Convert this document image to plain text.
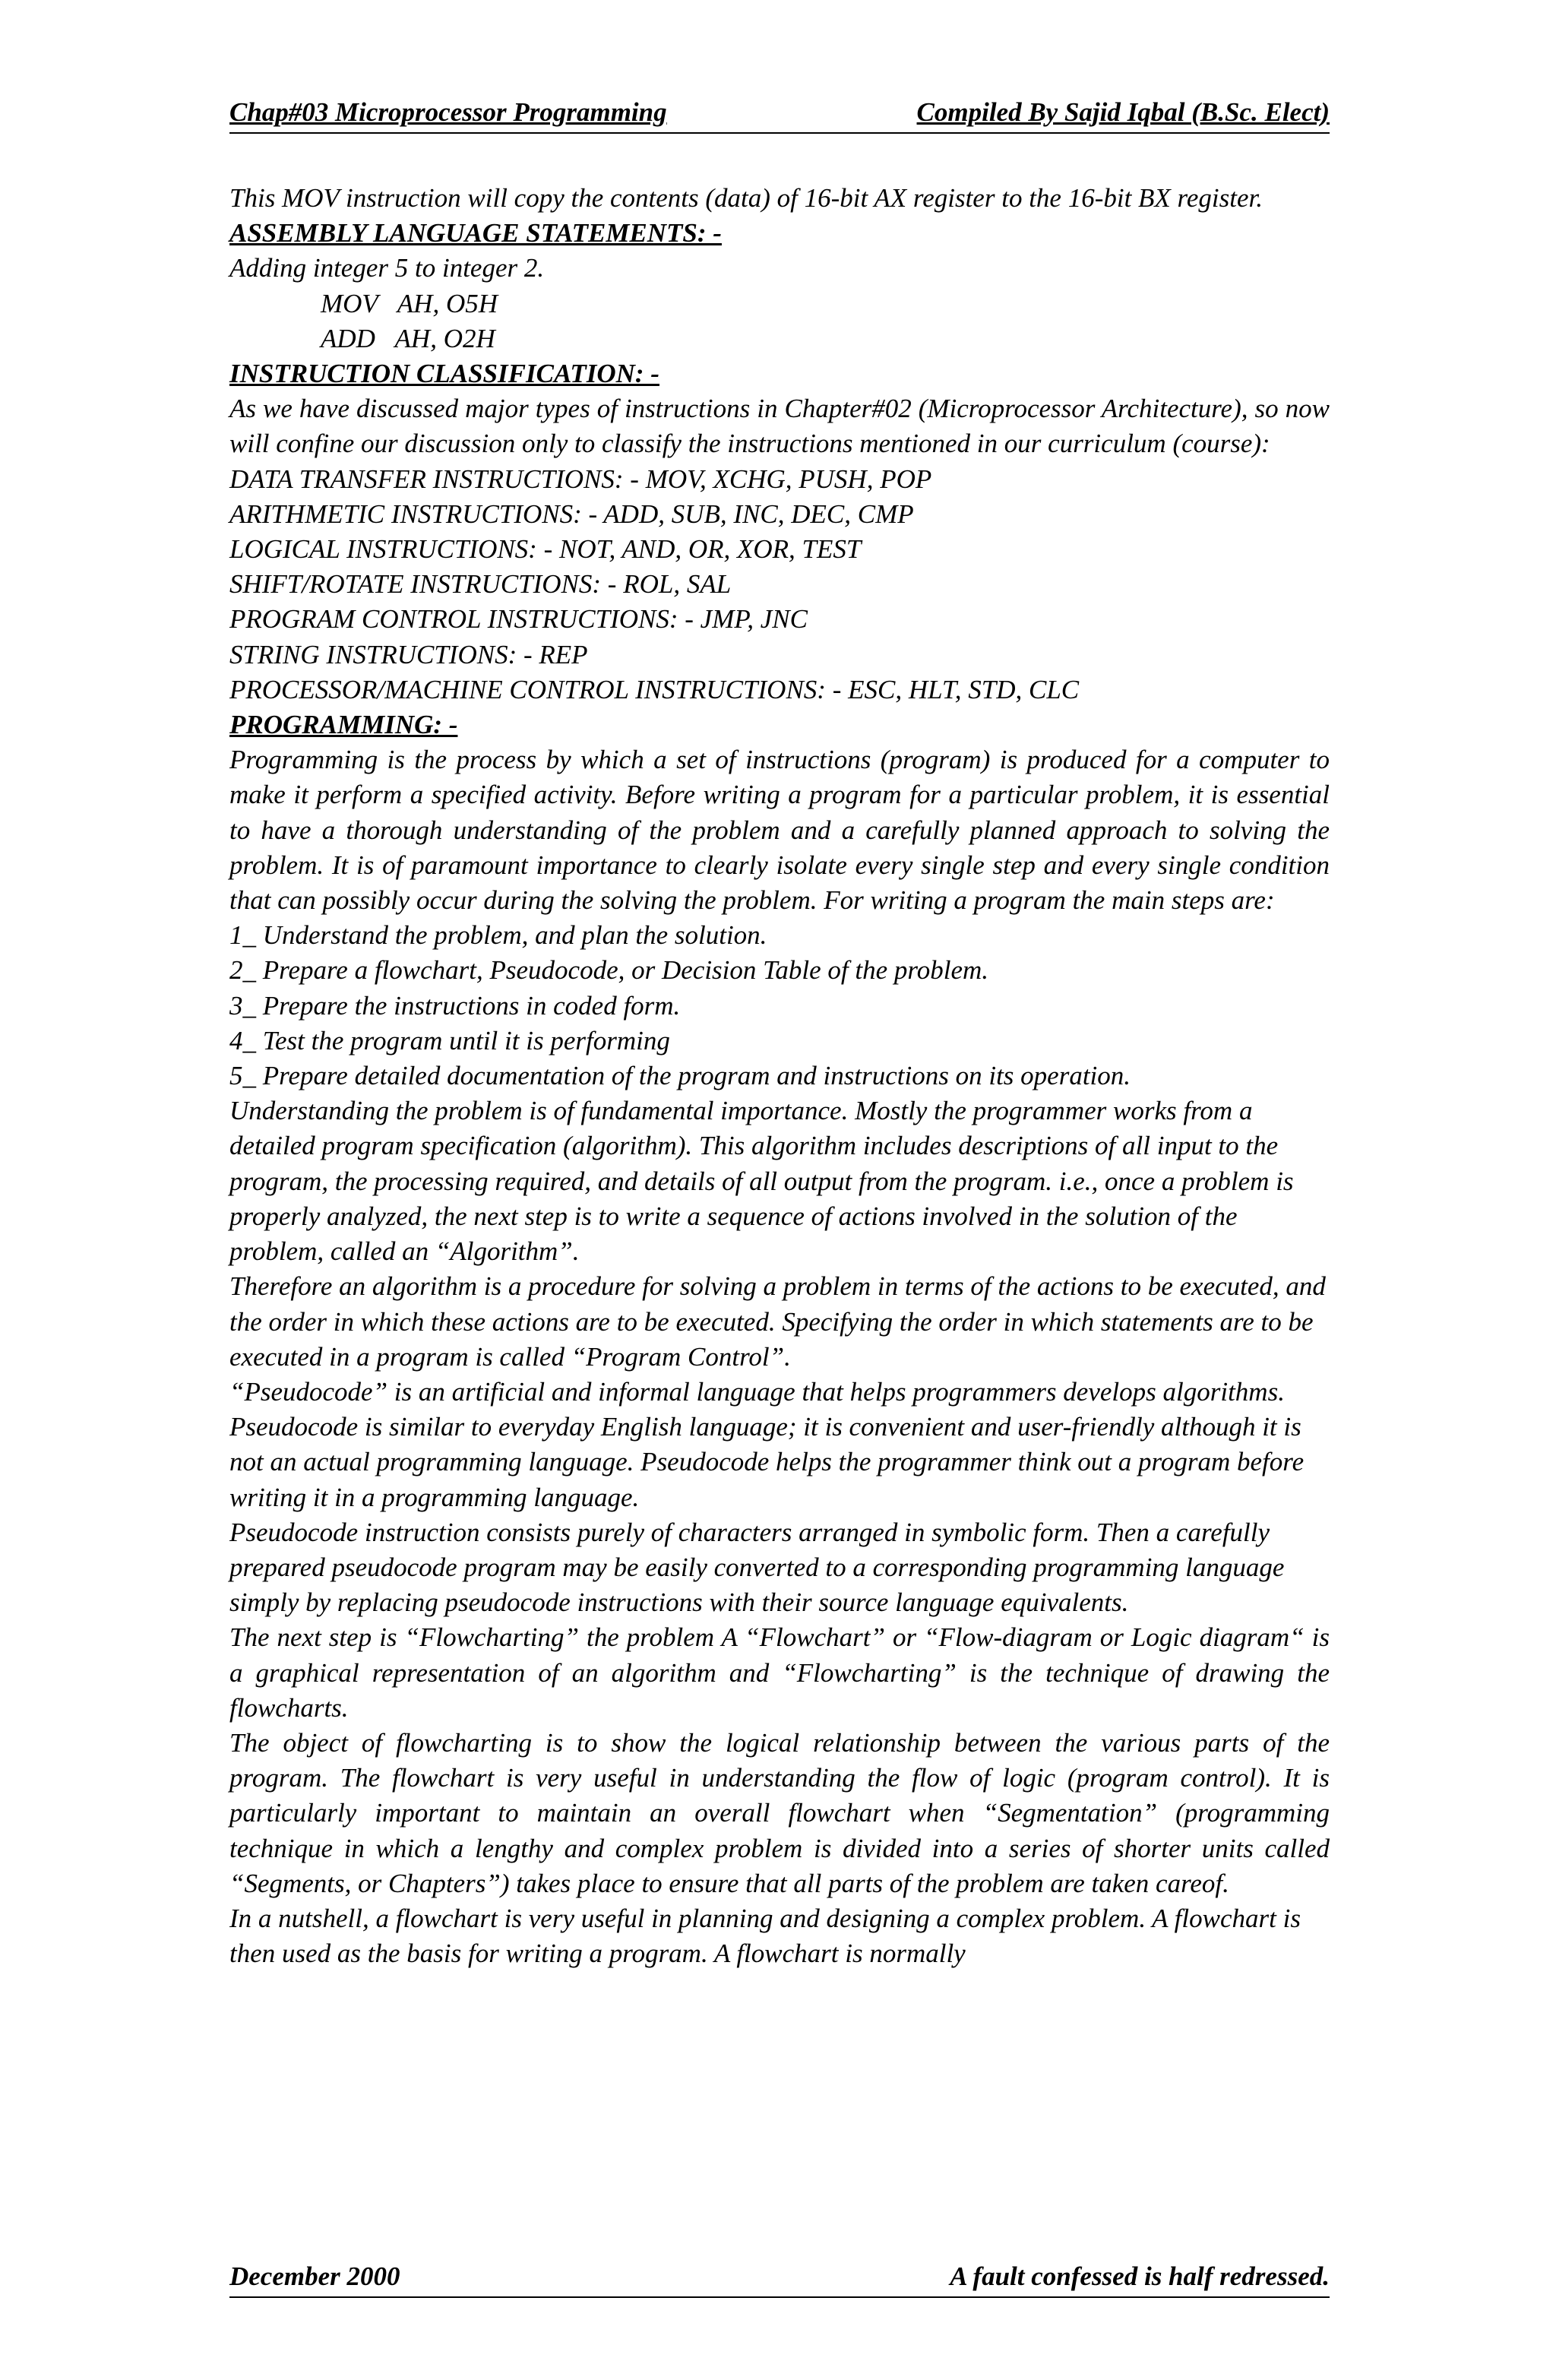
Chap#03 Microprocessor Programming	Compiled By Sajid Iqbal (B.Sc. Elect)

This MOV instruction will copy the contents (data) of 16-bit AX register to the 16-bit BX register.

ASSEMBLY LANGUAGE STATEMENTS: -

Adding integer 5 to integer 2.

MOV   AH, O5H

ADD   AH, O2H

INSTRUCTION CLASSIFICATION: -

As we have discussed major types of instructions in Chapter#02 (Microprocessor Architecture), so now will confine our discussion only to classify the instructions mentioned in our curriculum (course):

DATA TRANSFER INSTRUCTIONS: - MOV, XCHG, PUSH, POP

ARITHMETIC INSTRUCTIONS: - ADD, SUB, INC, DEC, CMP

LOGICAL INSTRUCTIONS: - NOT, AND, OR, XOR, TEST

SHIFT/ROTATE INSTRUCTIONS: - ROL, SAL

PROGRAM CONTROL INSTRUCTIONS: - JMP, JNC

STRING INSTRUCTIONS: - REP

PROCESSOR/MACHINE CONTROL INSTRUCTIONS: - ESC, HLT, STD, CLC

PROGRAMMING: -

Programming is the process by which a set of instructions (program) is produced for a computer to make it perform a specified activity. Before writing a program for a particular problem, it is essential to have a thorough understanding of the problem and a carefully planned approach to solving the problem. It is of paramount importance to clearly isolate every single step and every single condition that can possibly occur during the solving the problem. For writing a program the main steps are:

1_ Understand the problem, and plan the solution.

2_ Prepare a flowchart, Pseudocode, or Decision Table of the problem.

3_ Prepare the instructions in coded form.

4_ Test the program until it is performing

5_ Prepare detailed documentation of the program and instructions on its operation.

Understanding the problem is of fundamental importance. Mostly the programmer works from a detailed program specification (algorithm). This algorithm includes descriptions of all input to the program, the processing required, and details of all output from the program. i.e., once a problem is properly analyzed, the next step is to write a sequence of actions involved in the solution of the problem, called an “Algorithm”.

Therefore an algorithm is a procedure for solving a problem in terms of the actions to be executed, and the order in which these actions are to be executed. Specifying the order in which statements are to be executed in a program is called “Program Control”.

“Pseudocode” is an artificial and informal language that helps programmers develops algorithms. Pseudocode is similar to everyday English language; it is convenient and user-friendly although it is not an actual programming language. Pseudocode helps the programmer think out a program before writing it in a programming language.

Pseudocode instruction consists purely of characters arranged in symbolic form. Then a carefully prepared pseudocode program may be easily converted to a corresponding programming language simply by replacing pseudocode instructions with their source language equivalents.

The next step is “Flowcharting” the problem A “Flowchart” or “Flow-diagram or Logic diagram“ is a graphical representation of an algorithm and “Flowcharting” is the technique of drawing the flowcharts.

The object of flowcharting is to show the logical relationship between the various parts of the program. The flowchart is very useful in understanding the flow of logic (program control). It is particularly important to maintain an overall flowchart when “Segmentation” (programming technique in which a lengthy and complex problem is divided into a series of shorter units called “Segments, or Chapters”) takes place to ensure that all parts of the problem are taken careof.

In a nutshell, a flowchart is very useful in planning and designing a complex problem. A flowchart is then used as the basis for writing a program. A flowchart is normally

December 2000	A fault confessed is half redressed.
